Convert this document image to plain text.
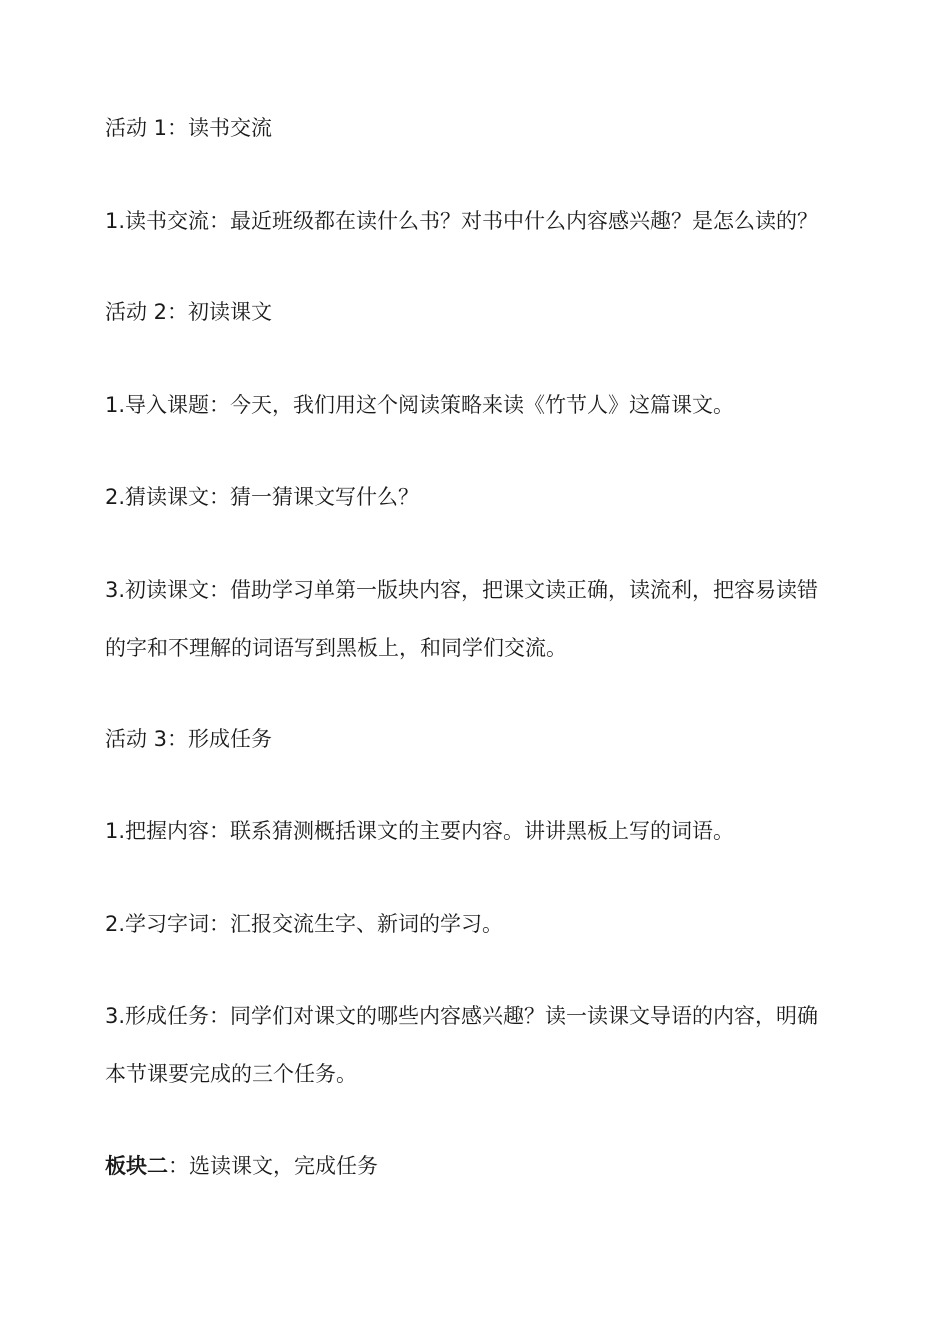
活动 1：读书交流
1.读书交流：最近班级都在读什么书？对书中什么内容感兴趣？是怎么读的？
活动 2：初读课文
1.导入课题：今天，我们用这个阅读策略来读《竹节人》这篇课文。
2.猜读课文：猜一猜课文写什么？
3.初读课文：借助学习单第一版块内容，把课文读正确，读流利，把容易读错
的字和不理解的词语写到黑板上，和同学们交流。
活动 3：形成任务
1.把握内容：联系猜测概括课文的主要内容。讲讲黑板上写的词语。
2.学习字词：汇报交流生字、新词的学习。
3.形成任务：同学们对课文的哪些内容感兴趣？读一读课文导语的内容，明确
本节课要完成的三个任务。
板块二：选读课文，完成任务
